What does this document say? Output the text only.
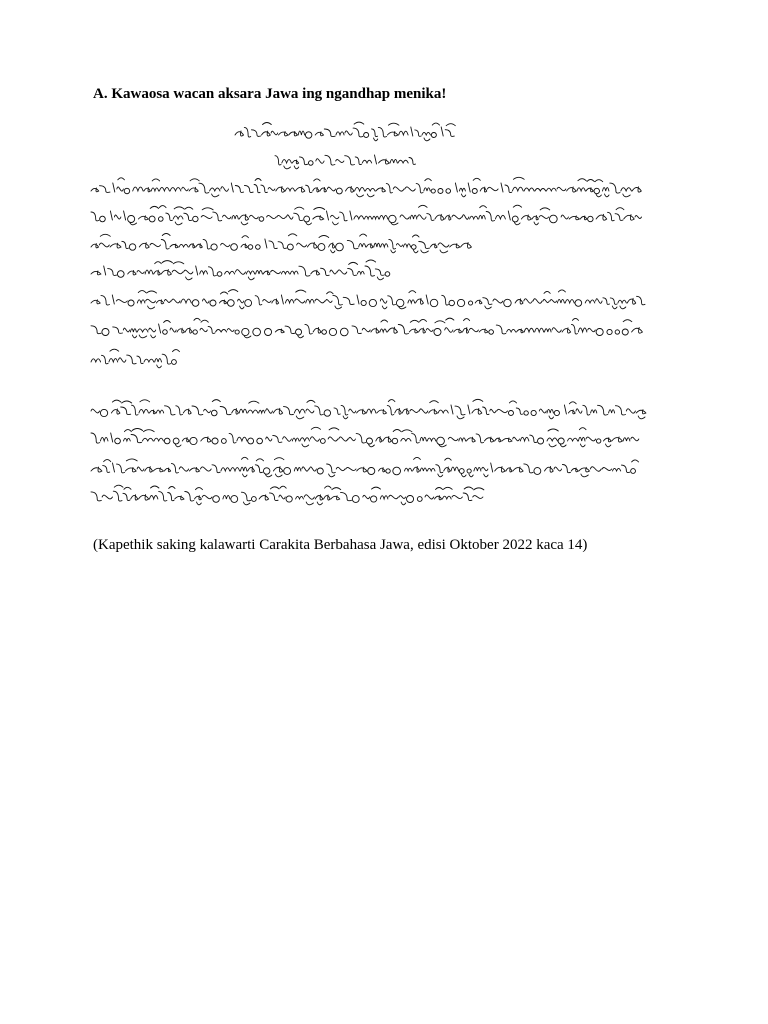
A. Kawaosa wacan aksara Jawa ing ngandhap menika!
(Kapethik saking kalawarti Carakita Berbahasa Jawa, edisi Oktober 2022 kaca 14)
